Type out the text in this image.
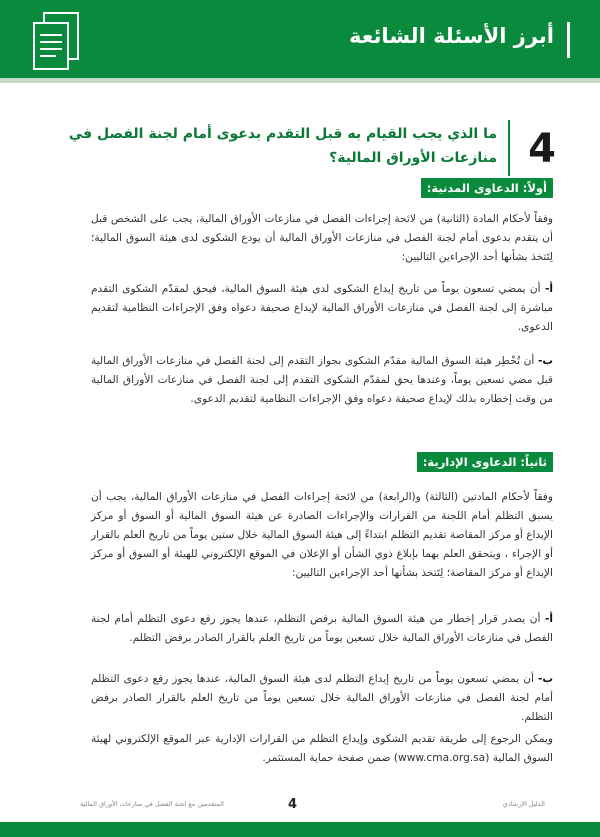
أبرز الأسئلة الشائعة
4
ما الذي يجب القيام به قبل التقدم بدعوى أمام لجنة الفصل في منازعات الأوراق المالية؟
أولاً: الدعاوى المدنية:
وفقاً لأحكام المادة (الثانية) من لائحة إجراءات الفصل في منازعات الأوراق المالية، يجب على الشخص قبل أن يتقدم بدعوى أمام لجنة الفصل في منازعات الأوراق المالية أن يودع الشكوى لدى هيئة السوق المالية؛ لِتَتخذ بشأنها أحد الإجراءين التاليين:
أ- أن يمضي تسعون يوماً من تاريخ إيداع الشكوى لدى هيئة السوق المالية، فيحق لمقدّم الشكوى التقدم مباشرة إلى لجنة الفصل في منازعات الأوراق المالية لإيداع صحيفة دعواه وفق الإجراءات النظامية لتقديم الدعوى.
ب- أن تُخْطِر هيئة السوق المالية مقدّم الشكوى بجواز التقدم إلى لجنة الفصل في منازعات الأوراق المالية قبل مضي تسعين يوماً، وعندها يحق لمقدّم الشكوى التقدم إلى لجنة الفصل في منازعات الأوراق المالية من وقت إخطاره بذلك لإيداع صحيفة دعواه وفق الإجراءات النظامية لتقديم الدعوى.
ثانياً: الدعاوى الإدارية:
وفقاً لأحكام المادتين (الثالثة) و(الرابعة) من لائحة إجراءات الفصل في منازعات الأوراق المالية، يجب أن يسبق التظلم أمام اللجنة من القرارات والإجراءات الصادرة عن هيئة السوق المالية أو السوق أو مركز الإيداع أو مركز المقاصة تقديم التظلم ابتداءً إلى هيئة السوق المالية خلال ستين يوماً من تاريخ العلم بالقرار أو الإجراء ، ويتحقق العلم بهما بإبلاغ ذوي الشأن أو الإعلان في الموقع الإلكتروني للهيئة أو السوق أو مركز الإيداع أو مركز المقاصة؛ لِتَتخذ بشأنها أحد الإجراءين التاليين:
أ- أن يصدر قرار إخطار من هيئة السوق المالية برفض التظلم، عندها يجوز رفع دعوى التظلم أمام لجنة الفصل في منازعات الأوراق المالية خلال تسعين يوماً من تاريخ العلم بالقرار الصادر برفض التظلم.
ب- أن يمضي تسعون يوماً من تاريخ إيداع التظلم لدى هيئة السوق المالية، عندها يجوز رفع دعوى التظلم أمام لجنة الفصل في منازعات الأوراق المالية خلال تسعين يوماً من تاريخ العلم بالقرار الصادر برفض التظلم.
ويمكن الرجوع إلى طريقة تقديم الشكوى وإيداع التظلم من القرارات الإدارية عبر الموقع الإلكتروني لهيئة السوق المالية (www.cma.org.sa) ضمن صفحة حماية المستثمر.
الدليل الإرشادي
4
المتقدمين مع لجنة الفصل في منازعات الأوراق المالية
